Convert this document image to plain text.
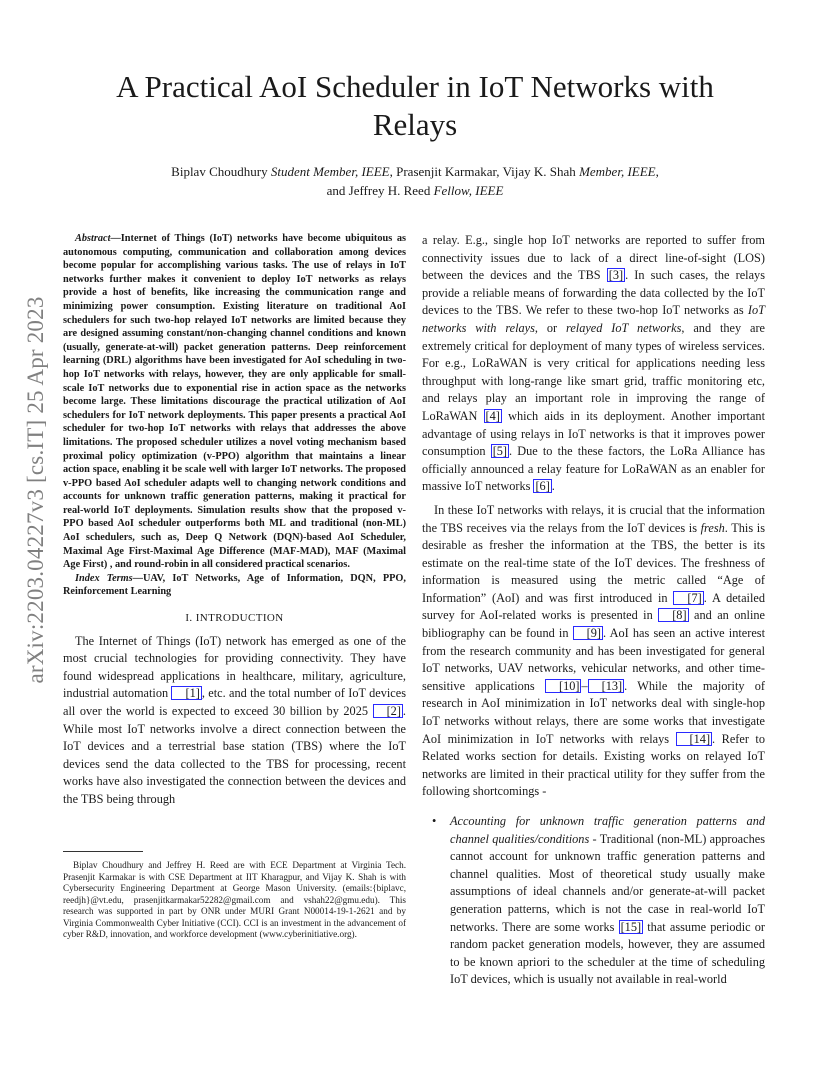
arXiv:2203.04227v3 [cs.IT] 25 Apr 2023
A Practical AoI Scheduler in IoT Networks with Relays
Biplav Choudhury Student Member, IEEE, Prasenjit Karmakar, Vijay K. Shah Member, IEEE,
and Jeffrey H. Reed Fellow, IEEE

Abstract—Internet of Things (IoT) networks have become ubiquitous as autonomous computing, communication and collaboration among devices become popular for accomplishing various tasks. The use of relays in IoT networks further makes it convenient to deploy IoT networks as relays provide a host of benefits, like increasing the communication range and minimizing power consumption. Existing literature on traditional AoI schedulers for such two-hop relayed IoT networks are limited because they are designed assuming constant/non-changing channel conditions and known (usually, generate-at-will) packet generation patterns. Deep reinforcement learning (DRL) algorithms have been investigated for AoI scheduling in two-hop IoT networks with relays, however, they are only applicable for small-scale IoT networks due to exponential rise in action space as the networks become large. These limitations discourage the practical utilization of AoI schedulers for IoT network deployments. This paper presents a practical AoI scheduler for two-hop IoT networks with relays that addresses the above limitations. The proposed scheduler utilizes a novel voting mechanism based proximal policy optimization (v-PPO) algorithm that maintains a linear action space, enabling it be scale well with larger IoT networks. The proposed v-PPO based AoI scheduler adapts well to changing network conditions and accounts for unknown traffic generation patterns, making it practical for real-world IoT deployments. Simulation results show that the proposed v-PPO based AoI scheduler outperforms both ML and traditional (non-ML) AoI schedulers, such as, Deep Q Network (DQN)-based AoI Scheduler, Maximal Age First-Maximal Age Difference (MAF-MAD), MAF (Maximal Age First) , and round-robin in all considered practical scenarios.

Index Terms—UAV, IoT Networks, Age of Information, DQN, PPO, Reinforcement Learning

I. INTRODUCTION

The Internet of Things (IoT) network has emerged as one of the most crucial technologies for providing connectivity. They have found widespread applications in healthcare, military, agriculture, industrial automation [1] , etc. and the total number of IoT devices all over the world is expected to exceed 30 billion by 2025 [2] . While most IoT networks involve a direct connection between the IoT devices and a terrestrial base station (TBS) where the IoT devices send the data collected to the TBS for processing, recent works have also investigated the connection between the devices and the TBS being through

Biplav Choudhury and Jeffrey H. Reed are with ECE Department at Virginia Tech. Prasenjit Karmakar is with CSE Department at IIT Kharagpur, and Vijay K. Shah is with Cybersecurity Engineering Department at George Mason University. (emails:{biplavc, reedjh}@vt.edu, prasenjitkarmakar52282@gmail.com and vshah22@gmu.edu). This research was supported in part by ONR under MURI Grant N00014-19-1-2621 and by Virginia Commonwealth Cyber Initiative (CCI). CCI is an investment in the advancement of cyber R&D, innovation, and workforce development (www.cyberinitiative.org).

a relay. E.g., single hop IoT networks are reported to suffer from connectivity issues due to lack of a direct line-of-sight (LOS) between the devices and the TBS [3] . In such cases, the relays provide a reliable means of forwarding the data collected by the IoT devices to the TBS. We refer to these two-hop IoT networks as IoT networks with relays, or relayed IoT networks, and they are extremely critical for deployment of many types of wireless services. For e.g., LoRaWAN is very critical for applications needing less throughput with long-range like smart grid, traffic monitoring etc, and relays play an important role in improving the range of LoRaWAN [4] which aids in its deployment. Another important advantage of using relays in IoT networks is that it improves power consumption [5] . Due to the these factors, the LoRa Alliance has officially announced a relay feature for LoRaWAN as an enabler for massive IoT networks [6] .

In these IoT networks with relays, it is crucial that the information the TBS receives via the relays from the IoT devices is fresh. This is desirable as fresher the information at the TBS, the better is its estimate on the real-time state of the IoT devices. The freshness of information is measured using the metric called “Age of Information” (AoI) and was first introduced in [7] . A detailed survey for AoI-related works is presented in [8] and an online bibliography can be found in [9] . AoI has seen an active interest from the research community and has been investigated for general IoT networks, UAV networks, vehicular networks, and other time-sensitive applications [10] – [13] . While the majority of research in AoI minimization in IoT networks deal with single-hop IoT networks without relays, there are some works that investigate AoI minimization in IoT networks with relays [14] . Refer to Related works section for details. Existing works on relayed IoT networks are limited in their practical utility for they suffer from the following shortcomings -

• Accounting for unknown traffic generation patterns and channel qualities/conditions - Traditional (non-ML) approaches cannot account for unknown traffic generation patterns and channel qualities. Most of theoretical study usually make assumptions of ideal channels and/or generate-at-will packet generation patterns, which is not the case in real-world IoT networks. There are some works [15] that assume periodic or random packet generation models, however, they are assumed to be known apriori to the scheduler at the time of scheduling IoT devices, which is usually not available in real-world
